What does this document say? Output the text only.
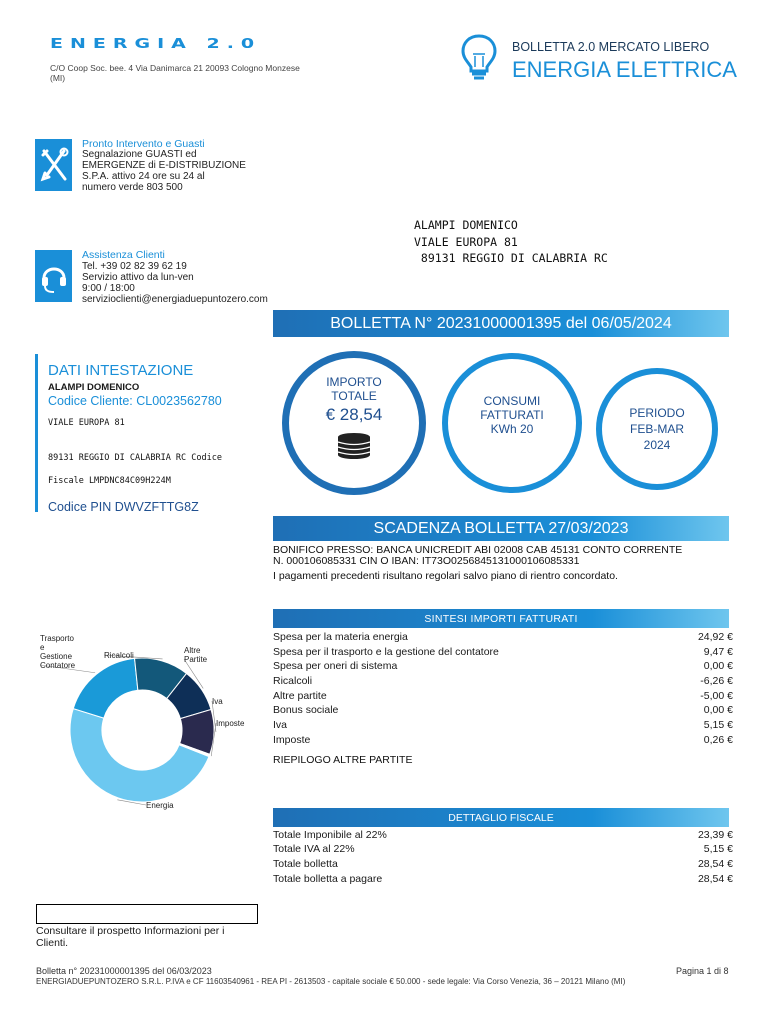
ENERGIA 2.0
C/O Coop Soc. bee. 4 Via Danimarca 21 20093 Cologno Monzese (MI)
BOLLETTA 2.0 MERCATO LIBERO
ENERGIA ELETTRICA
Pronto Intervento e Guasti
Segnalazione GUASTI ed
EMERGENZE di E-DISTRIBUZIONE
S.P.A. attivo 24 ore su 24 al
numero verde 803 500
ALAMPI DOMENICO
VIALE EUROPA 81
89131 REGGIO DI CALABRIA RC
Assistenza Clienti
Tel. +39 02 82 39 62 19
Servizio attivo da lun-ven
9:00 / 18:00
servizioclienti@energiaduepuntozero.com
BOLLETTA N° 20231000001395 del 06/05/2024
DATI INTESTAZIONE
ALAMPI DOMENICO
Codice Cliente: CL0023562780
VIALE EUROPA 81
89131 REGGIO DI CALABRIA RC Codice
Fiscale LMPDNC84C09H224M
Codice PIN DWVZFTTG8Z
IMPORTO
TOTALE
€ 28,54
CONSUMI
FATTURATI
KWh 20
PERIODO
FEB-MAR
2024
SCADENZA BOLLETTA 27/03/2023
BONIFICO PRESSO: BANCA UNICREDIT ABI 02008 CAB 45131 CONTO CORRENTE
N. 000106085331 CIN O IBAN: IT73O0256845131000106085331
I pagamenti precedenti risultano regolari salvo piano di rientro concordato.
SINTESI IMPORTI FATTURATI
Spesa per la materia energia	24,92 €
Spesa per il trasporto e la gestione del contatore	9,47 €
Spesa per oneri di sistema	0,00 €
Ricalcoli	-6,26 €
Altre partite	-5,00 €
Bonus sociale	0,00 €
Iva	5,15 €
Imposte	0,26 €
RIEPILOGO ALTRE PARTITE
Energia
Trasporto
e
Gestione
Contatore
Ricalcoli
Altre
Partite
Iva
Imposte
DETTAGLIO FISCALE
Totale Imponibile al 22%	23,39 €
Totale IVA al 22%	5,15 €
Totale bolletta	28,54 €
Totale bolletta a pagare	28,54 €
Consultare il prospetto Informazioni per i Clienti.
Bolletta n° 20231000001395 del 06/03/2023
ENERGIADUEPUNTOZERO S.R.L. P.IVA e CF 11603540961 - REA PI - 2613503 - capitale sociale € 50.000 - sede legale: Via Corso Venezia, 36 – 20121 Milano (MI)
Pagina 1 di 8
